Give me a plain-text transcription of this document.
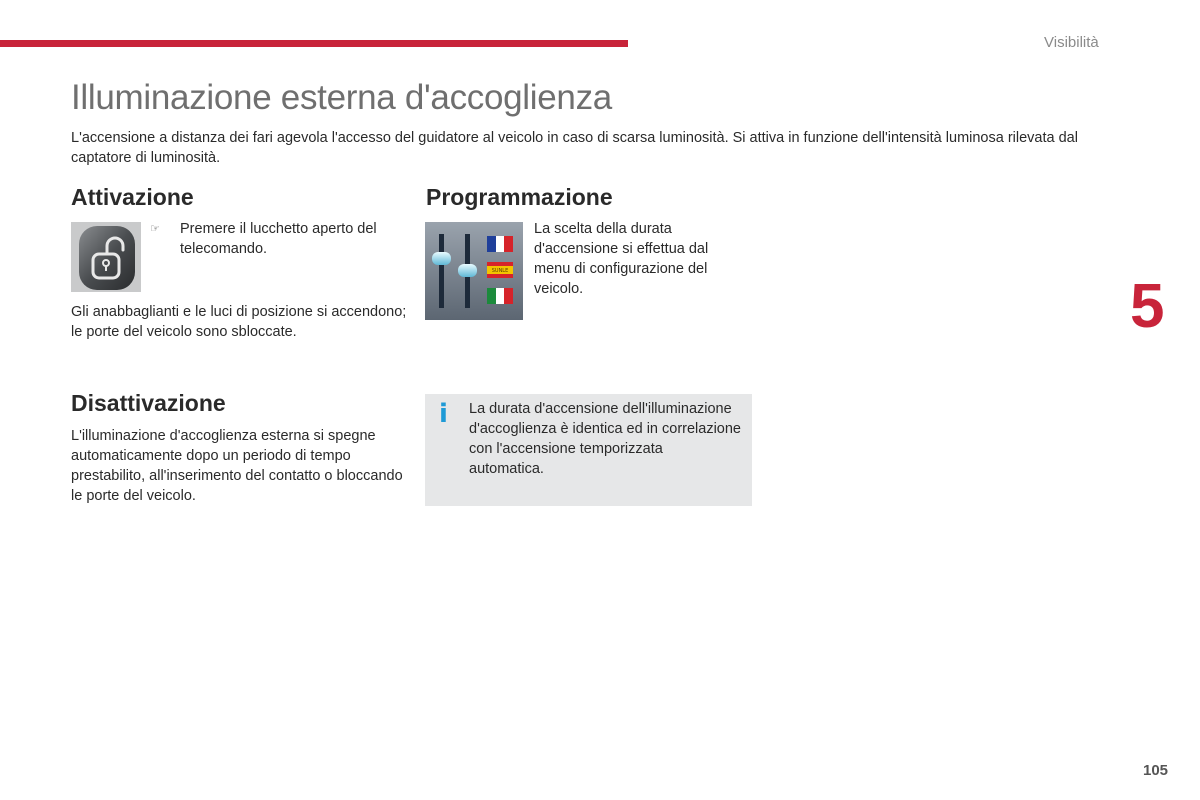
Visibilità
Illuminazione esterna d'accoglienza

L'accensione a distanza dei fari agevola l'accesso del guidatore al veicolo in caso di scarsa luminosità. Si attiva in funzione dell'intensità luminosa rilevata dal captatore di luminosità.

Attivazione
☞ Premere il lucchetto aperto del telecomando.

Gli anabbaglianti e le luci di posizione si accendono; le porte del veicolo sono sbloccate.

Programmazione
SUNLE

La scelta della durata d'accensione si effettua dal menu di configurazione del veicolo.

Disattivazione

L'illuminazione d'accoglienza esterna si spegne automaticamente dopo un periodo di tempo prestabilito, all'inserimento del contatto o bloccando le porte del veicolo.

i La durata d'accensione dell'illuminazione d'accoglienza è identica ed in correlazione con l'accensione temporizzata automatica.

5
105
